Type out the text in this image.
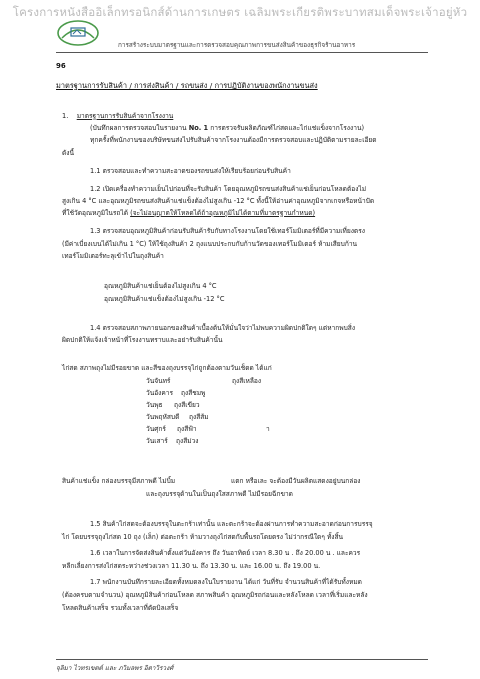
โครงการหนังสืออิเล็กทรอนิกส์ด้านการเกษตร เฉลิมพระเกียรติพระบาทสมเด็จพระเจ้าอยู่หัว
การสร้างระบบมาตรฐานและการตรวจสอบคุณภาพการขนส่งสินค้าของธุรกิจร้านอาหาร
96
มาตรฐานการรับสินค้า / การส่งสินค้า / รถขนส่ง / การปฏิบัติงานของพนักงานขนส่ง
1. มาตรฐานการรับสินค้าจากโรงงาน
(บันทึกผลการตรวจสอบในรายงาน No. 1 การตรวจรับผลิตภัณฑ์ไก่สดและไก่แช่แข็งจากโรงงาน)
ทุกครั้งที่พนักงานของบริษัทขนส่งไปรับสินค้าจากโรงงานต้องมีการตรวจสอบและปฏิบัติตามรายละเอียด
ดังนี้
1.1 ตรวจสอบและทำความสะอาดของรถขนส่งให้เรียบร้อยก่อนรับสินค้า
1.2 เปิดเครื่องทำความเย็นไปก่อนที่จะรับสินค้า โดยอุณหภูมิรถขนส่งสินค้าแช่เย็นก่อนโหลดต้องไม่
สูงเกิน 4 °C และอุณหภูมิรถขนส่งสินค้าแช่แข็งต้องไม่สูงเกิน -12 °C ทั้งนี้ให้อ่านค่าอุณหภูมิจากเกจหรือหน้าปัด
ที่ใช้วัดอุณหภูมิในรถได้ (จะไม่อนุญาตให้โหลดได้ถ้าอุณหภูมิไม่ได้ตามที่มาตรฐานกำหนด)
1.3 ตรวจสอบอุณหภูมิสินค้าก่อนรับสินค้ารับกับทางโรงงานโดยใช้เทอร์โมมิเตอร์ที่มีความเที่ยงตรง
(มีค่าเบี่ยงเบนได้ไม่เกิน 1 °C) ให้ใช้ถุงสินค้า 2 ถุงแนบประกบกับก้านวัดของเทอร์โมมิเตอร์ ห้ามเสียบก้าน
เทอร์โมมิเตอร์ทะลุเข้าไปในถุงสินค้า
อุณหภูมิสินค้าแช่เย็นต้องไม่สูงเกิน 4 °C
อุณหภูมิสินค้าแช่แข็งต้องไม่สูงเกิน -12 °C
1.4 ตรวจสอบสภาพภายนอกของสินค้าเบื้องต้นให้มั่นใจว่าไม่พบความผิดปกติใดๆ แต่หากพบสิ่ง
ผิดปกติให้แจ้งเจ้าหน้าที่โรงงานทราบและอย่ารับสินค้านั้น
ไก่สด สภาพถุงไม่มีรอยขาด และสีของถุงบรรจุไก่ถูกต้องตามวันเช็ดด ได้แก่
วันจันทร์	ถุงสีเหลือง
วันอังคาร ถุงสีชมพู
วันพุธ ถุงสีเขียว
วันพฤหัสบดี ถุงสีส้ม
วันศุกร์ ถุงสีฟ้า	า
วันเสาร์ ถุงสีม่วง
สินค้าแช่แข็ง กล่องบรรจุมีสภาพดี ไม่บิ้ม	แตก หรือเละ จะต้องมีวันผลิตแสดงอยู่บนกล่อง
และถุงบรรจุด้านในเป็นถุงใสสภาพดี ไม่มีรอยฉีกขาด
1.5 สินค้าไก่สดจะต้องบรรจุในตะกร้าเท่านั้น และตะกร้าจะต้องผ่านการทำความสะอาดก่อนการบรรจุ
ไก่ โดยบรรจุถุงไก่สด 10 ถุง (เล็ก) ต่อตะกร้า ห้ามวางถุงไก่สดกับพื้นรถโดยตรง ไม่ว่ากรณีใดๆ ทั้งสิ้น
1.6 เวลาในการจัดส่งสินค้าตั้งแต่วันอังคาร ถึง วันอาทิตย์ เวลา 8.30 น . ถึง 20.00 น . และควร
หลีกเลี่ยงการส่งไก่สดระหว่างช่วงเวลา 11.30 น. ถึง 13.30 น. และ 16.00 น. ถึง 19.00 น.
1.7 พนักงานบันทึกรายละเอียดทั้งหมดลงในใบรายงาน ได้แก่ วันที่รับ จำนวนสินค้าที่ได้รับทั้งหมด
(ต้องครบตามจำนวน) อุณหภูมิสินค้าก่อนโหลด สภาพสินค้า อุณหภูมิรถก่อนและหลังโหลด เวลาที่เริ่มและหลัง
โหลดสินค้าเสร็จ รวมทั้งเวลาที่ตัดบิลเสร็จ
จุลิมา ไวทรเขตต์ และ ภวิมลพร อิตาวิรวงศ์
